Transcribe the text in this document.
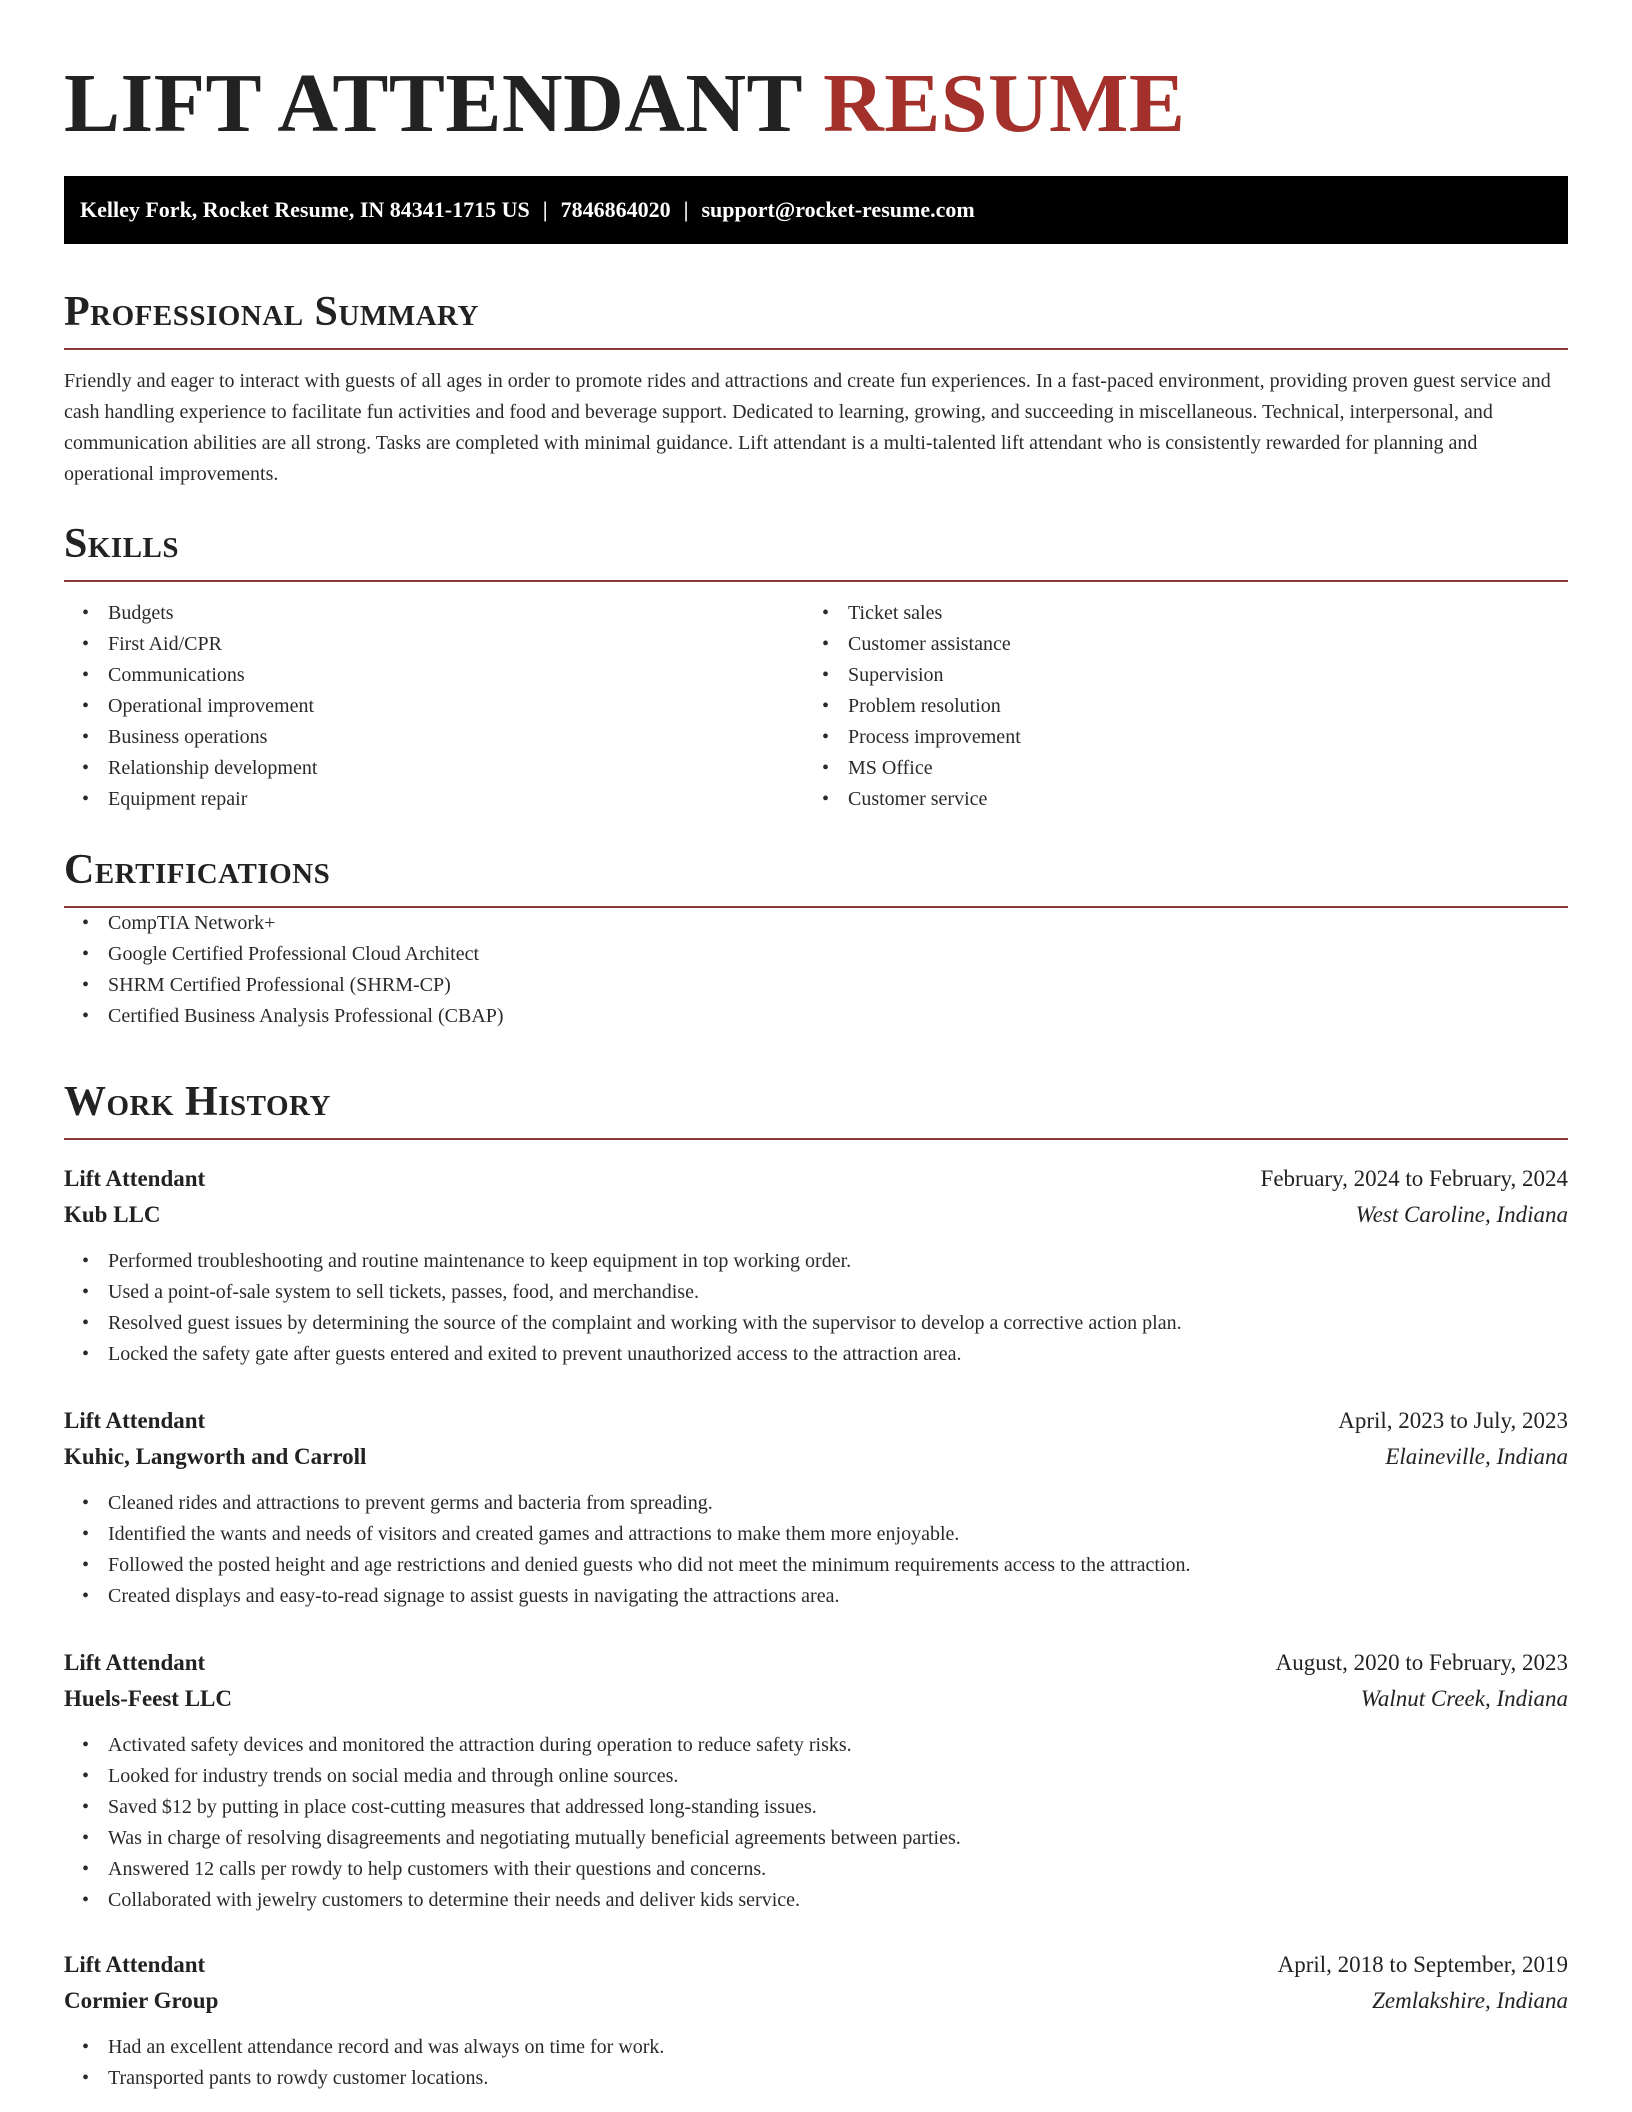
LIFT ATTENDANT RESUME
Kelley Fork, Rocket Resume, IN 84341-1715 US | 7846864020 | support@rocket-resume.com
Professional Summary

Friendly and eager to interact with guests of all ages in order to promote rides and attractions and create fun experiences. In a fast-paced environment, providing proven guest service and cash handling experience to facilitate fun activities and food and beverage support. Dedicated to learning, growing, and succeeding in miscellaneous. Technical, interpersonal, and communication abilities are all strong. Tasks are completed with minimal guidance. Lift attendant is a multi-talented lift attendant who is consistently rewarded for planning and operational improvements.

Skills
• Budgets
• First Aid/CPR
• Communications
• Operational improvement
• Business operations
• Relationship development
• Equipment repair
• Ticket sales
• Customer assistance
• Supervision
• Problem resolution
• Process improvement
• MS Office
• Customer service
Certifications
• CompTIA Network+
• Google Certified Professional Cloud Architect
• SHRM Certified Professional (SHRM-CP)
• Certified Business Analysis Professional (CBAP)
Work History
Lift Attendant	February, 2024 to February, 2024
Kub LLC	West Caroline, Indiana
• Performed troubleshooting and routine maintenance to keep equipment in top working order.
• Used a point-of-sale system to sell tickets, passes, food, and merchandise.
• Resolved guest issues by determining the source of the complaint and working with the supervisor to develop a corrective action plan.
• Locked the safety gate after guests entered and exited to prevent unauthorized access to the attraction area.
Lift Attendant	April, 2023 to July, 2023
Kuhic, Langworth and Carroll	Elaineville, Indiana
• Cleaned rides and attractions to prevent germs and bacteria from spreading.
• Identified the wants and needs of visitors and created games and attractions to make them more enjoyable.
• Followed the posted height and age restrictions and denied guests who did not meet the minimum requirements access to the attraction.
• Created displays and easy-to-read signage to assist guests in navigating the attractions area.
Lift Attendant	August, 2020 to February, 2023
Huels-Feest LLC	Walnut Creek, Indiana
• Activated safety devices and monitored the attraction during operation to reduce safety risks.
• Looked for industry trends on social media and through online sources.
• Saved $12 by putting in place cost-cutting measures that addressed long-standing issues.
• Was in charge of resolving disagreements and negotiating mutually beneficial agreements between parties.
• Answered 12 calls per rowdy to help customers with their questions and concerns.
• Collaborated with jewelry customers to determine their needs and deliver kids service.
Lift Attendant	April, 2018 to September, 2019
Cormier Group	Zemlakshire, Indiana
• Had an excellent attendance record and was always on time for work.
• Transported pants to rowdy customer locations.
